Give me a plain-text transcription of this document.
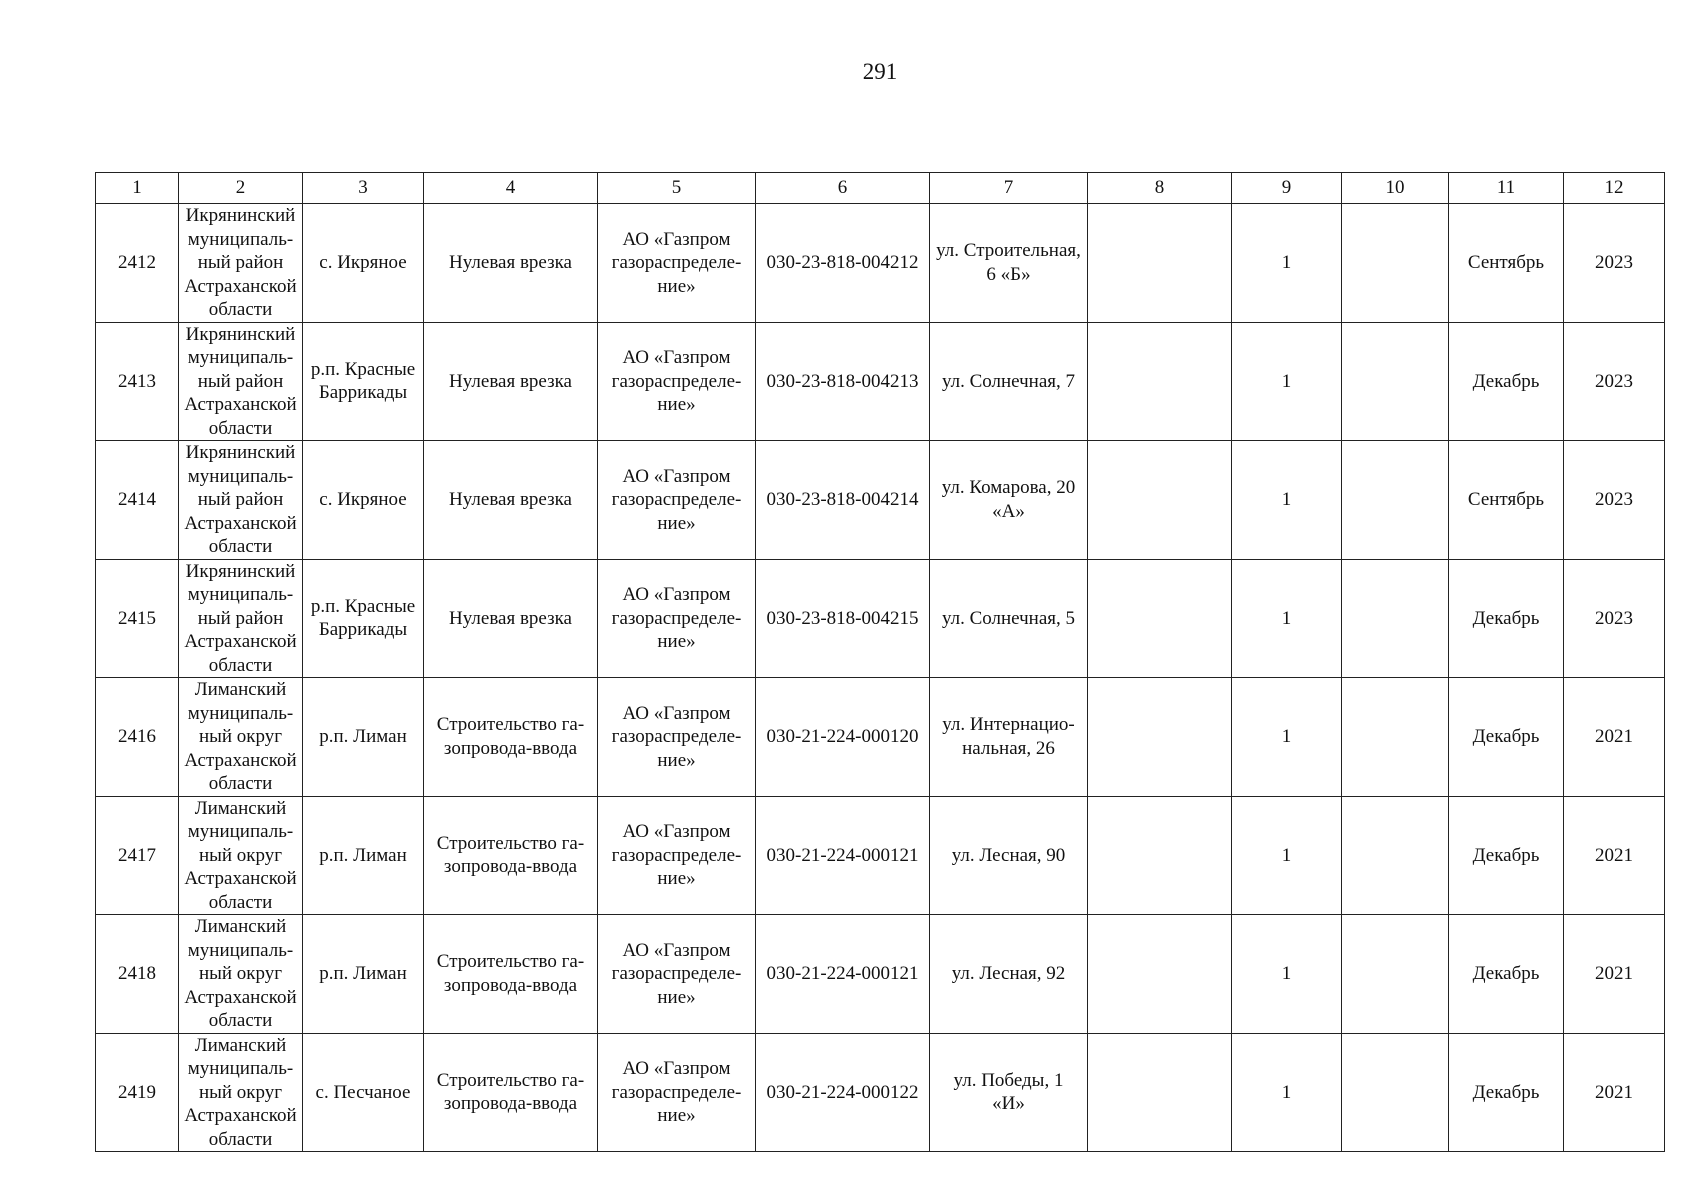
291
1	2	3	4	5	6	7	8	9	10	11	12

2412	Икрянинский
муниципаль-
ный район
Астраханской
области	с. Икряное	Нулевая врезка	АО «Газпром
газораспределе-
ние»	030-23-818-004212	ул. Строительная,
6 «Б»		1		Сентябрь	2023

2413	Икрянинский
муниципаль-
ный район
Астраханской
области	р.п. Красные
Баррикады	Нулевая врезка	АО «Газпром
газораспределе-
ние»	030-23-818-004213	ул. Солнечная, 7		1		Декабрь	2023

2414	Икрянинский
муниципаль-
ный район
Астраханской
области	с. Икряное	Нулевая врезка	АО «Газпром
газораспределе-
ние»	030-23-818-004214	ул. Комарова, 20
«А»		1		Сентябрь	2023

2415	Икрянинский
муниципаль-
ный район
Астраханской
области	р.п. Красные
Баррикады	Нулевая врезка	АО «Газпром
газораспределе-
ние»	030-23-818-004215	ул. Солнечная, 5		1		Декабрь	2023

2416	Лиманский
муниципаль-
ный округ
Астраханской
области	р.п. Лиман	Строительство га-
зопровода-ввода	АО «Газпром
газораспределе-
ние»	030-21-224-000120	ул. Интернацио-
нальная, 26		1		Декабрь	2021

2417	Лиманский
муниципаль-
ный округ
Астраханской
области	р.п. Лиман	Строительство га-
зопровода-ввода	АО «Газпром
газораспределе-
ние»	030-21-224-000121	ул. Лесная, 90		1		Декабрь	2021

2418	Лиманский
муниципаль-
ный округ
Астраханской
области	р.п. Лиман	Строительство га-
зопровода-ввода	АО «Газпром
газораспределе-
ние»	030-21-224-000121	ул. Лесная, 92		1		Декабрь	2021

2419	Лиманский
муниципаль-
ный округ
Астраханской
области	с. Песчаное	Строительство га-
зопровода-ввода	АО «Газпром
газораспределе-
ние»	030-21-224-000122	ул. Победы, 1
«И»		1		Декабрь	2021
